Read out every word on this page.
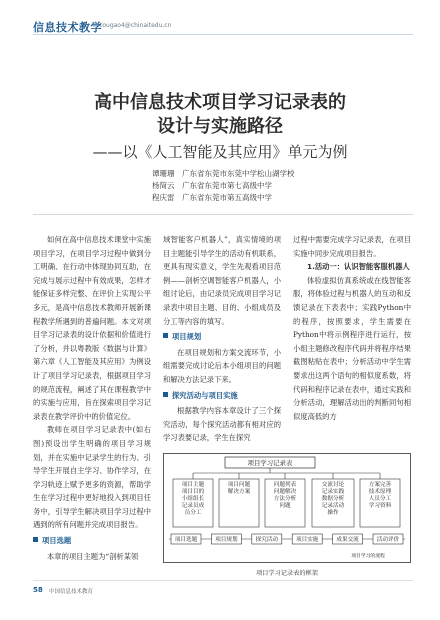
信息技术教学
tougao4@chinaitedu.cn
高中信息技术项目学习记录表的
设计与实施路径
——以《人工智能及其应用》单元为例
谭珊珊 广东省东莞市东莞中学松山湖学校
杨简云 广东省东莞市第七高级中学
程庆雷 广东省东莞市第五高级中学

如何在高中信息技术课堂中实施项目学习，在项目学习过程中做到分工明确、在行动中体现协同互助，在完成与展示过程中有效成果，怎样才能保证多样完整、在评价上实现公平多元，是高中信息技术教师开展新课程教学所遇到的普遍问题。本文对项目学习记录表的设计依据和价值进行了分析，并以粤教版《数据与计算》第六章《人工智能及其应用》为例设计了项目学习记录表，根据项目学习的规范流程，阐述了其在课程教学中的实施与应用，旨在探索项目学习记录表在教学评价中的价值定位。

教师在项目学习记录表中(如右图)预设出学生明确的项目学习规划，并在实施中记录学生的行为、引导学生开展自主学习、协作学习，在学习轨迹上赋予更多的资源，帮助学生在学习过程中更好地投入到项目任务中，引导学生解决项目学习过程中遇到的所有问题并完成项目报告。

项目选题

本章的项目主题为“剖析某领

域智能客户机器人”，真实情境的项目主题能引导学生的活动有机联系，更具有现实意义，学生先观看项目范例——剖析空调智能客户机器人，小组讨论后，由记录员完成项目学习记录表中项目主题、目的、小组成员及分工等内容的填写。

项目规划

在项目规划和方案交流环节，小组需要完成讨论后本小组项目的问题和解决方法记录下来。

探究活动与项目实施

根据教学内容本章设计了三个探究活动，每个探究活动都有相对应的学习表要记录，学生在探究

过程中需要完成学习记录表，在项目实施中同步完成项目报告。

1.活动一：认识智能客服机器人

体验虚拟仿真系统或在线智能客服，将体验过程与机器人的互动和反馈记录在下表表中；实践Python中的程序，按照要求，学生需要在Python中将示例程序进行运行，按小组主题修改程序代码并将程序结果截图粘贴在表中；分析活动中学生需要求出这两个语句的相似度系数，将代码和程序记录在表中，通过实践和分析活动，理解活动出的判断同句相似度高低的方

项目学习记录表
项目主题项目目的小组组长记录员成员分工
项目问题解决方案
问题列表问题解决方法分析问题
交流讨论记录实践数据分析记录活动操作
方案完善技术原理人员分工学习资料
项目选题	项目规划	探究活动	项目实施	成果交流	活动评价
项目学习的流程
项目学习记录表的框架
58 中国信息技术教育
